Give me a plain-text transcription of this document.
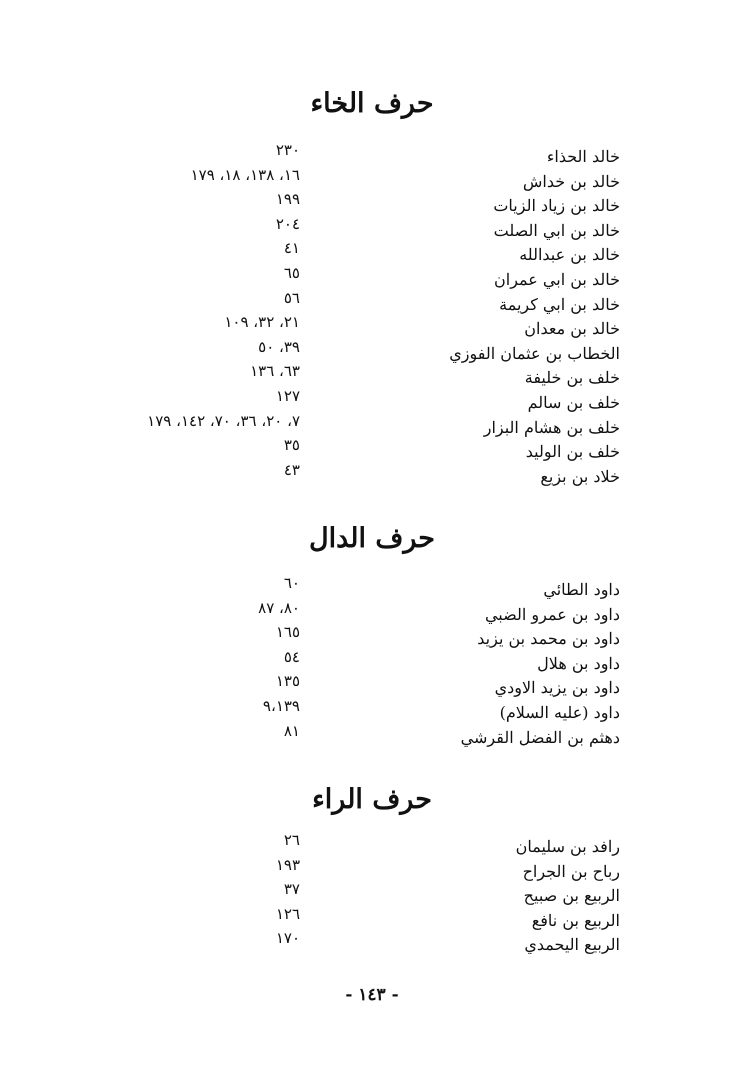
حرف الخاء
خالد الحذاء
٢٣٠
خالد بن خداش
١٦، ١٣٨، ١٨، ١٧٩
خالد بن زياد الزيات
١٩٩
خالد بن ابي الصلت
٢٠٤
خالد بن عبدالله
٤١
خالد بن ابي عمران
٦٥
خالد بن ابي كريمة
٥٦
خالد بن معدان
٢١، ٣٢، ١٠٩
الخطاب بن عثمان الفوزي
٣٩، ٥٠
خلف بن خليفة
٦٣، ١٣٦
خلف بن سالم
١٢٧
خلف بن هشام البزار
٧، ٢٠، ٣٦، ٧٠، ١٤٢، ١٧٩
خلف بن الوليد
٣٥
خلاد بن بزيع
٤٣
حرف الدال
داود الطائي
٦٠
داود بن عمرو الضبي
٨٠، ٨٧
داود بن محمد بن يزيد
١٦٥
داود بن هلال
٥٤
داود بن يزيد الاودي
١٣٥
داود (عليه السلام)
٩،١٣٩
دهثم بن الفضل القرشي
٨١
حرف الراء
رافد بن سليمان
٢٦
رباح بن الجراح
١٩٣
الربيع بن صبيح
٣٧
الربيع بن نافع
١٢٦
الربيع اليحمدي
١٧٠
- ١٤٣ -
